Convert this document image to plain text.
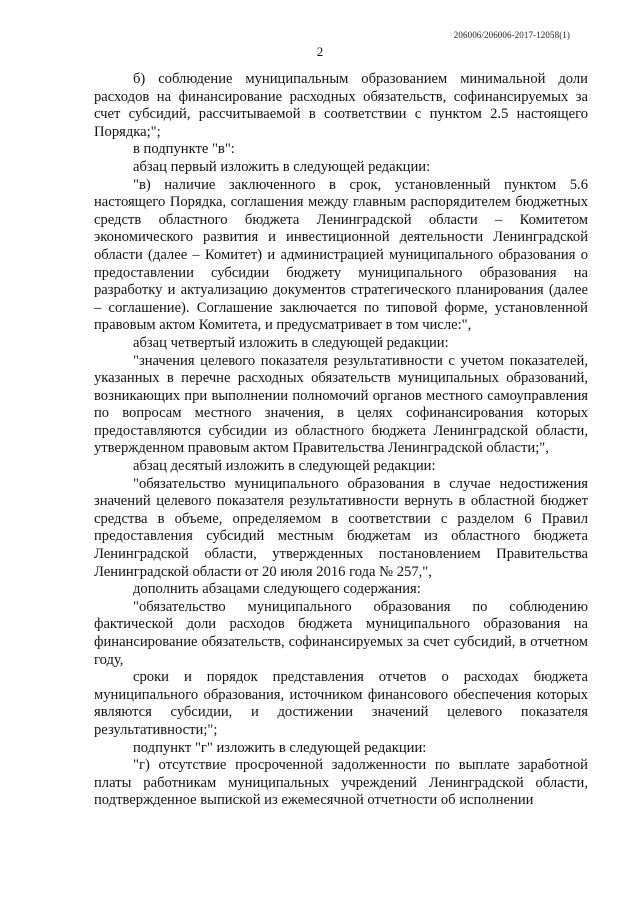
206006/206006-2017-12058(1)
2

б) соблюдение муниципальным образованием минимальной доли расходов на финансирование расходных обязательств, софинансируемых за счет субсидий, рассчитываемой в соответствии с пунктом 2.5 настоящего Порядка;";

в подпункте "в":

абзац первый изложить в следующей редакции:

"в) наличие заключенного в срок, установленный пунктом 5.6 настоящего Порядка, соглашения между главным распорядителем бюджетных средств областного бюджета Ленинградской области – Комитетом экономического развития и инвестиционной деятельности Ленинградской области (далее – Комитет) и администрацией муниципального образования о предоставлении субсидии бюджету муниципального образования на разработку и актуализацию документов стратегического планирования (далее – соглашение). Соглашение заключается по типовой форме, установленной правовым актом Комитета, и предусматривает в том числе:",

абзац четвертый изложить в следующей редакции:

"значения целевого показателя результативности с учетом показателей, указанных в перечне расходных обязательств муниципальных образований, возникающих при выполнении полномочий органов местного самоуправления по вопросам местного значения, в целях софинансирования которых предоставляются субсидии из областного бюджета Ленинградской области, утвержденном правовым актом Правительства Ленинградской области;",

абзац десятый изложить в следующей редакции:

"обязательство муниципального образования в случае недостижения значений целевого показателя результативности вернуть в областной бюджет средства в объеме, определяемом в соответствии с разделом 6 Правил предоставления субсидий местным бюджетам из областного бюджета Ленинградской области, утвержденных постановлением Правительства Ленинградской области от 20 июля 2016 года № 257,",

дополнить абзацами следующего содержания:

"обязательство муниципального образования по соблюдению фактической доли расходов бюджета муниципального образования на финансирование обязательств, софинансируемых за счет субсидий, в отчетном году,

сроки и порядок представления отчетов о расходах бюджета муниципального образования, источником финансового обеспечения которых являются субсидии, и достижении значений целевого показателя результативности;";

подпункт "г" изложить в следующей редакции:

"г) отсутствие просроченной задолженности по выплате заработной платы работникам муниципальных учреждений Ленинградской области, подтвержденное выпиской из ежемесячной отчетности об исполнении
